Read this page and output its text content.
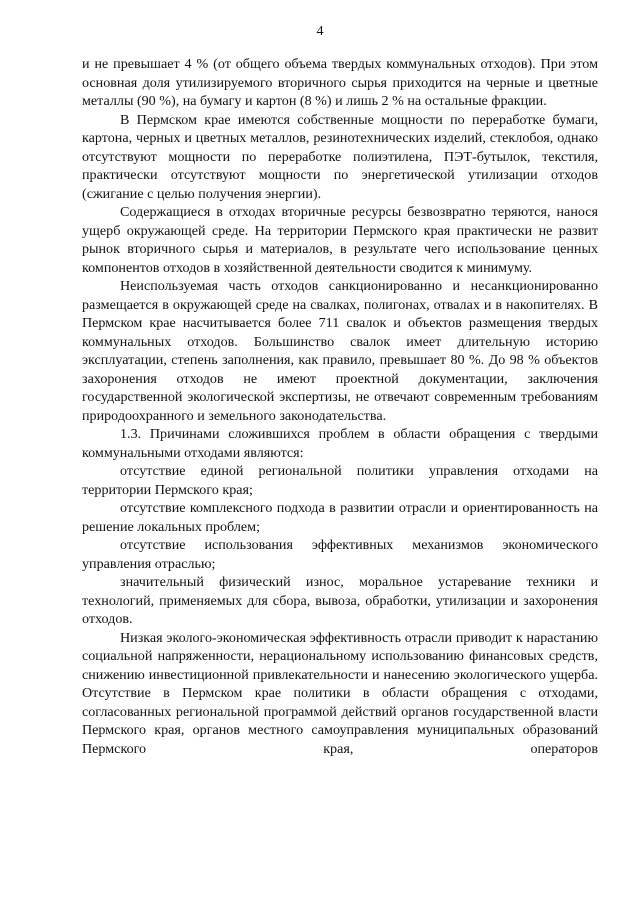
4

и не превышает 4 % (от общего объема твердых коммунальных отходов). При этом основная доля утилизируемого вторичного сырья приходится на черные и цветные металлы (90 %), на бумагу и картон (8 %) и лишь 2 % на остальные фракции.

В Пермском крае имеются собственные мощности по переработке бумаги, картона, черных и цветных металлов, резинотехнических изделий, стеклобоя, однако отсутствуют мощности по переработке полиэтилена, ПЭТ-бутылок, текстиля, практически отсутствуют мощности по энергетической утилизации отходов (сжигание с целью получения энергии).

Содержащиеся в отходах вторичные ресурсы безвозвратно теряются, нанося ущерб окружающей среде. На территории Пермского края практически не развит рынок вторичного сырья и материалов, в результате чего использование ценных компонентов отходов в хозяйственной деятельности сводится к минимуму.

Неиспользуемая часть отходов санкционированно и несанкционированно размещается в окружающей среде на свалках, полигонах, отвалах и в накопителях. В Пермском крае насчитывается более 711 свалок и объектов размещения твердых коммунальных отходов. Большинство свалок имеет длительную историю эксплуатации, степень заполнения, как правило, превышает 80 %. До 98 % объектов захоронения отходов не имеют проектной документации, заключения государственной экологической экспертизы, не отвечают современным требованиям природоохранного и земельного законодательства.

1.3. Причинами сложившихся проблем в области обращения с твердыми коммунальными отходами являются:

отсутствие единой региональной политики управления отходами на территории Пермского края;

отсутствие комплексного подхода в развитии отрасли и ориентированность на решение локальных проблем;

отсутствие использования эффективных механизмов экономического управления отраслью;

значительный физический износ, моральное устаревание техники и технологий, применяемых для сбора, вывоза, обработки, утилизации и захоронения отходов.

Низкая эколого-экономическая эффективность отрасли приводит к нарастанию социальной напряженности, нерациональному использованию финансовых средств, снижению инвестиционной привлекательности и нанесению экологического ущерба. Отсутствие в Пермском крае политики в области обращения с отходами, согласованных региональной программой действий органов государственной власти Пермского края, органов местного самоуправления муниципальных образований Пермского края, операторов
